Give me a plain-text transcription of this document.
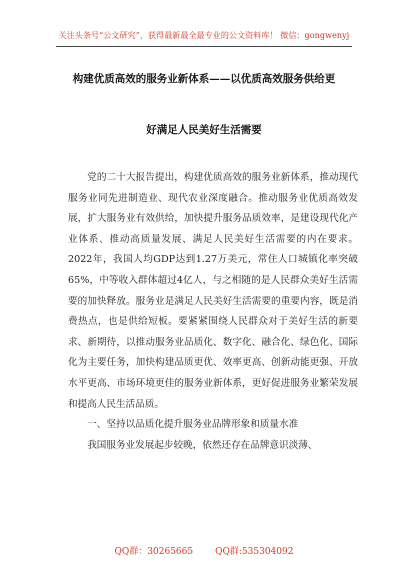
关注头条号“公文研究”，获得最新最全最专业的公文资料库！ 微信：gongwenyj
构建优质高效的服务业新体系——以优质高效服务供给更
好满足人民美好生活需要

党的二十大报告提出，构建优质高效的服务业新体系，推动现代服务业同先进制造业、现代农业深度融合。推动服务业优质高效发展，扩大服务业有效供给，加快提升服务品质效率，是建设现代化产业体系、推动高质量发展、满足人民美好生活需要的内在要求。2022年，我国人均GDP达到1.27万美元，常住人口城镇化率突破65%，中等收入群体超过4亿人，与之相随的是人民群众美好生活需要的加快释放。服务业是满足人民美好生活需要的重要内容，既是消费热点，也是供给短板。要紧紧围绕人民群众对于美好生活的新要求、新期待，以推动服务业品质化、数字化、融合化、绿色化、国际化为主要任务，加快构建品质更优、效率更高、创新动能更强、开放水平更高、市场环境更佳的服务业新体系，更好促进服务业繁荣发展和提高人民生活品质。

一、坚持以品质化提升服务业品牌形象和质量水准

我国服务业发展起步较晚，依然还存在品牌意识淡薄、

QQ群：30265665 QQ群:535304092
